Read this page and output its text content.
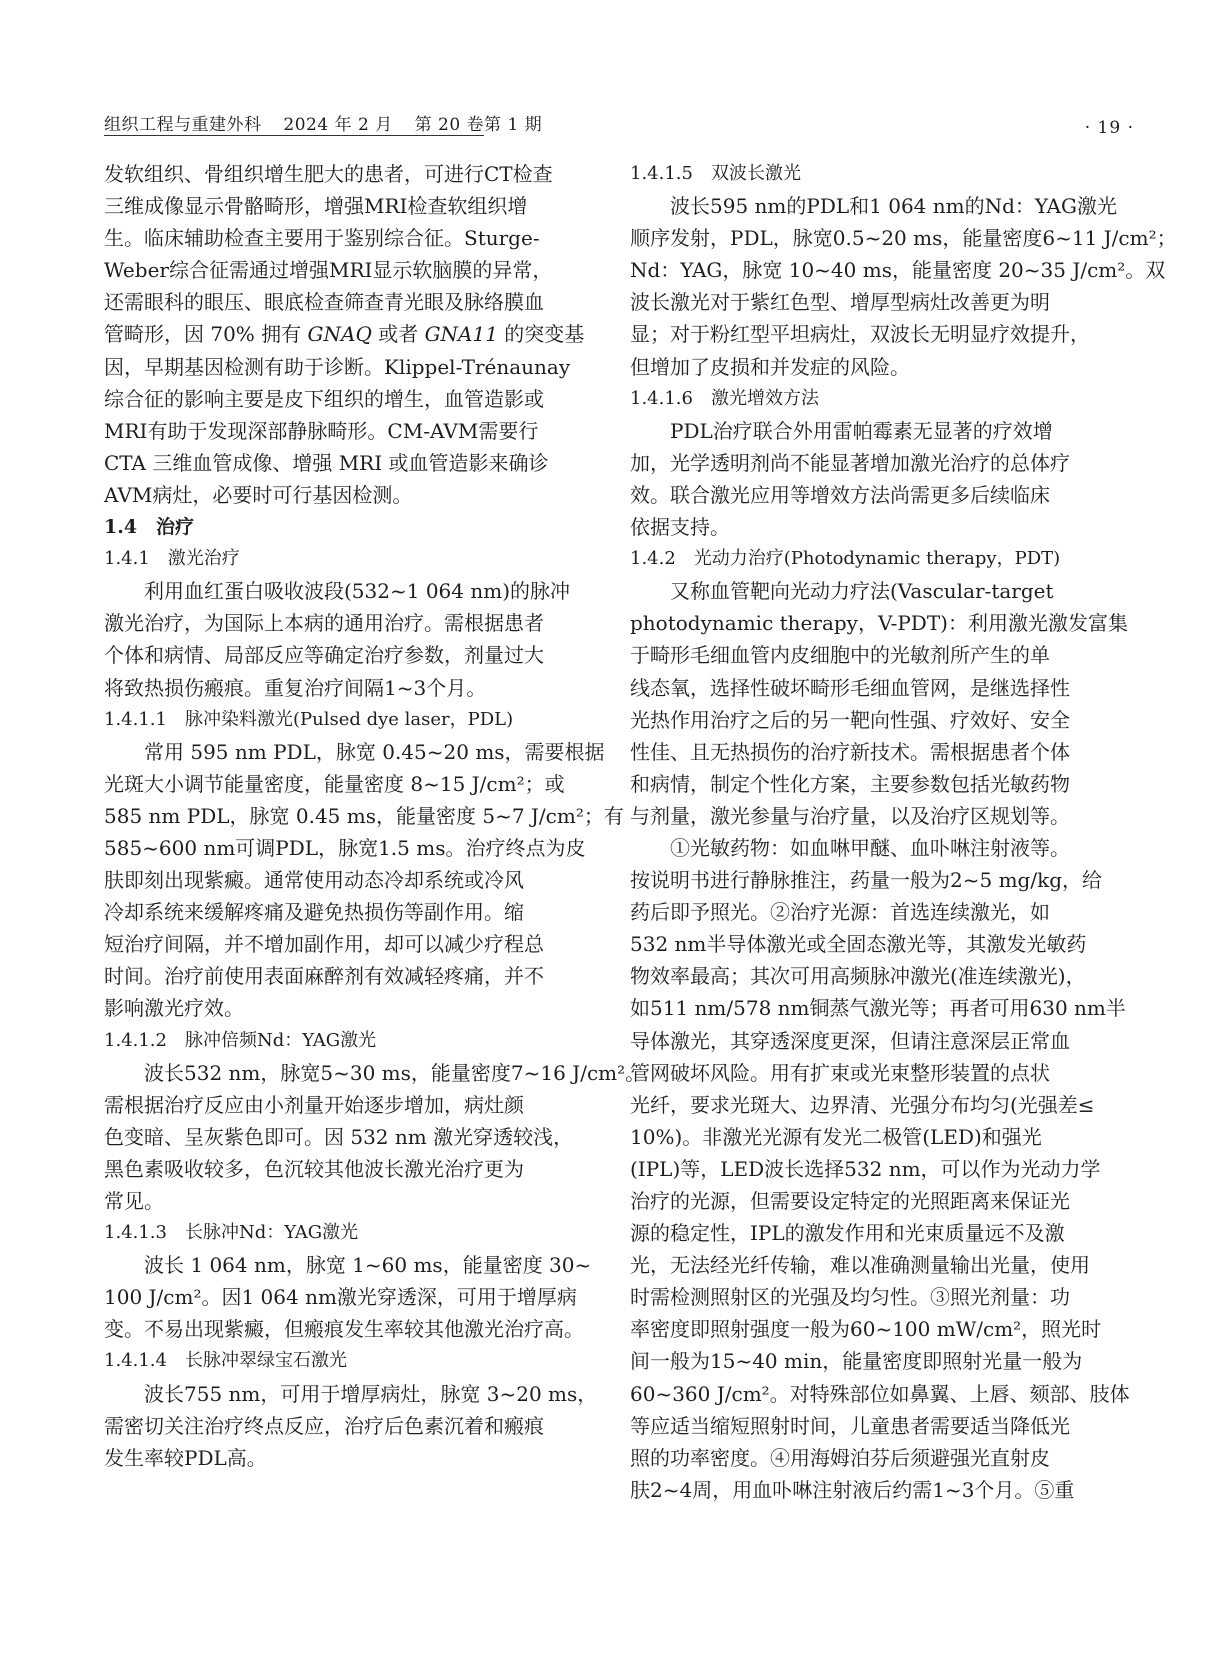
组织工程与重建外科 2024 年 2 月 第 20 卷第 1 期	· 19 ·
发软组织、骨组织增生肥大的患者，可进行CT检查
三维成像显示骨骼畸形，增强MRI检查软组织增
生。临床辅助检查主要用于鉴别综合征。Sturge-
Weber综合征需通过增强MRI显示软脑膜的异常，
还需眼科的眼压、眼底检查筛查青光眼及脉络膜血
管畸形，因 70% 拥有 GNAQ 或者 GNA11 的突变基
因，早期基因检测有助于诊断。Klippel-Trénaunay
综合征的影响主要是皮下组织的增生，血管造影或
MRI有助于发现深部静脉畸形。CM-AVM需要行
CTA 三维血管成像、增强 MRI 或血管造影来确诊
AVM病灶，必要时可行基因检测。
1.4　治疗
1.4.1　激光治疗
利用血红蛋白吸收波段(532~1 064 nm)的脉冲
激光治疗，为国际上本病的通用治疗。需根据患者
个体和病情、局部反应等确定治疗参数，剂量过大
将致热损伤瘢痕。重复治疗间隔1~3个月。
1.4.1.1　脉冲染料激光(Pulsed dye laser，PDL)
常用 595 nm PDL，脉宽 0.45~20 ms，需要根据
光斑大小调节能量密度，能量密度 8~15 J/cm²；或
585 nm PDL，脉宽 0.45 ms，能量密度 5~7 J/cm²；有
585~600 nm可调PDL，脉宽1.5 ms。治疗终点为皮
肤即刻出现紫癜。通常使用动态冷却系统或冷风
冷却系统来缓解疼痛及避免热损伤等副作用。缩
短治疗间隔，并不增加副作用，却可以减少疗程总
时间。治疗前使用表面麻醉剂有效减轻疼痛，并不
影响激光疗效。
1.4.1.2　脉冲倍频Nd：YAG激光
波长532 nm，脉宽5~30 ms，能量密度7~16 J/cm²。
需根据治疗反应由小剂量开始逐步增加，病灶颜
色变暗、呈灰紫色即可。因 532 nm 激光穿透较浅，
黑色素吸收较多，色沉较其他波长激光治疗更为
常见。
1.4.1.3　长脉冲Nd：YAG激光
波长 1 064 nm，脉宽 1~60 ms，能量密度 30~
100 J/cm²。因1 064 nm激光穿透深，可用于增厚病
变。不易出现紫癜，但瘢痕发生率较其他激光治疗高。
1.4.1.4　长脉冲翠绿宝石激光
波长755 nm，可用于增厚病灶，脉宽 3~20 ms，
需密切关注治疗终点反应，治疗后色素沉着和瘢痕
发生率较PDL高。
1.4.1.5　双波长激光
波长595 nm的PDL和1 064 nm的Nd：YAG激光
顺序发射，PDL，脉宽0.5~20 ms，能量密度6~11 J/cm²；
Nd：YAG，脉宽 10~40 ms，能量密度 20~35 J/cm²。双
波长激光对于紫红色型、增厚型病灶改善更为明
显；对于粉红型平坦病灶，双波长无明显疗效提升，
但增加了皮损和并发症的风险。
1.4.1.6　激光增效方法
PDL治疗联合外用雷帕霉素无显著的疗效增
加，光学透明剂尚不能显著增加激光治疗的总体疗
效。联合激光应用等增效方法尚需更多后续临床
依据支持。
1.4.2　光动力治疗(Photodynamic therapy，PDT)
又称血管靶向光动力疗法(Vascular-target
photodynamic therapy，V-PDT)：利用激光激发富集
于畸形毛细血管内皮细胞中的光敏剂所产生的单
线态氧，选择性破坏畸形毛细血管网，是继选择性
光热作用治疗之后的另一靶向性强、疗效好、安全
性佳、且无热损伤的治疗新技术。需根据患者个体
和病情，制定个性化方案，主要参数包括光敏药物
与剂量，激光参量与治疗量，以及治疗区规划等。
①光敏药物：如血啉甲醚、血卟啉注射液等。
按说明书进行静脉推注，药量一般为2~5 mg/kg，给
药后即予照光。②治疗光源：首选连续激光，如
532 nm半导体激光或全固态激光等，其激发光敏药
物效率最高；其次可用高频脉冲激光(准连续激光)，
如511 nm/578 nm铜蒸气激光等；再者可用630 nm半
导体激光，其穿透深度更深，但请注意深层正常血
管网破坏风险。用有扩束或光束整形装置的点状
光纤，要求光斑大、边界清、光强分布均匀(光强差≤
10%)。非激光光源有发光二极管(LED)和强光
(IPL)等，LED波长选择532 nm，可以作为光动力学
治疗的光源，但需要设定特定的光照距离来保证光
源的稳定性，IPL的激发作用和光束质量远不及激
光，无法经光纤传输，难以准确测量输出光量，使用
时需检测照射区的光强及均匀性。③照光剂量：功
率密度即照射强度一般为60~100 mW/cm²，照光时
间一般为15~40 min，能量密度即照射光量一般为
60~360 J/cm²。对特殊部位如鼻翼、上唇、颏部、肢体
等应适当缩短照射时间，儿童患者需要适当降低光
照的功率密度。④用海姆泊芬后须避强光直射皮
肤2~4周，用血卟啉注射液后约需1~3个月。⑤重
